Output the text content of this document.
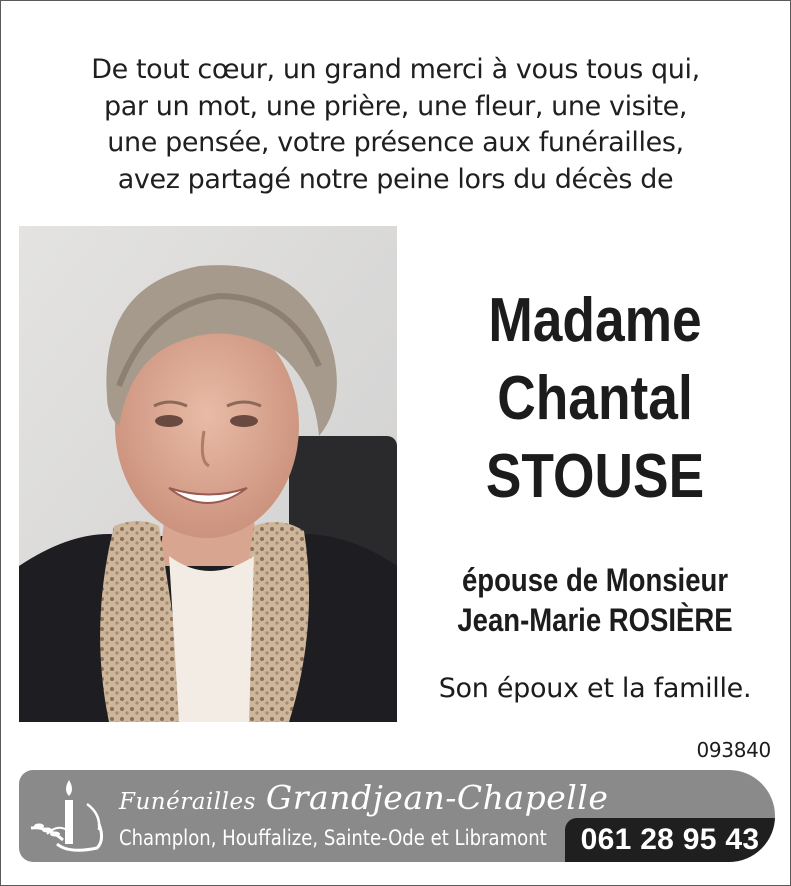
De tout cœur, un grand merci à vous tous qui,
par un mot, une prière, une fleur, une visite,
une pensée, votre présence aux funérailles,
avez partagé notre peine lors du décès de
Madame
Chantal
STOUSE
épouse de Monsieur
Jean-Marie ROSIÈRE
Son époux et la famille.
093840
Funérailles Grandjean-Chapelle
Champlon, Houffalize, Sainte-Ode et Libramont	061 28 95 43
